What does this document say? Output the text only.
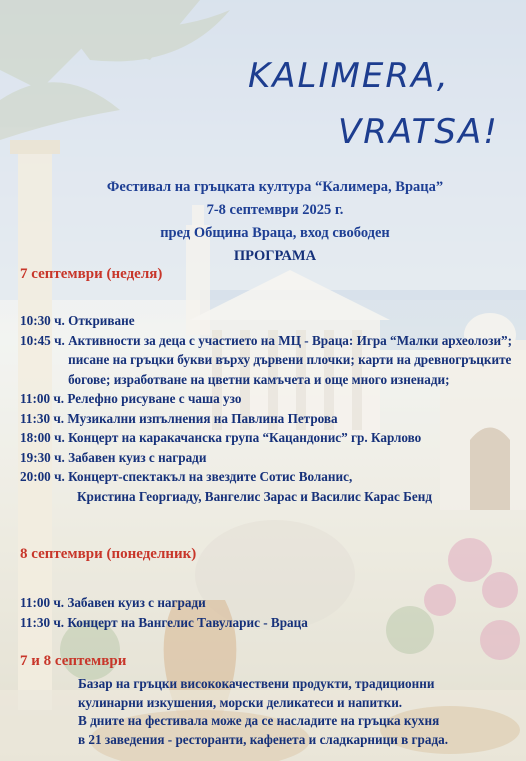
KALIMERA,
VRATSA!
Фестивал на гръцката култура “Калимера, Враца”
7-8 септември 2025 г.
пред Община Враца, вход свободен
ПРОГРАМА
7 септември (неделя)
10:30 ч. Откриване
10:45 ч. Активности за деца с участието на МЦ - Враца: Игра “Малки археолози”; писане на гръцки букви върху дървени плочки; карти на древногръцките богове; изработване на цветни камъчета и още много изненади;
11:00 ч. Релефно рисуване с чаша узо
11:30 ч. Музикални изпълнения на Павлина Петрова
18:00 ч. Концерт на каракачанска група “Кацандонис” гр. Карлово
19:30 ч. Забавен куиз с награди
20:00 ч. Концерт-спектакъл на звездите Сотис Воланис,
Кристина Георгиаду, Вангелис Зарас и Василис Карас Бенд
8 септември (понеделник)
11:00 ч. Забавен куиз с награди
11:30 ч. Концерт на Вангелис Тавуларис - Враца
7 и 8 септември
Базар на гръцки висококачествени продукти, традиционни
кулинарни изкушения, морски деликатеси и напитки.
В дните на фестивала може да се насладите на гръцка кухня
в 21 заведения - ресторанти, кафенета и сладкарници в града.
